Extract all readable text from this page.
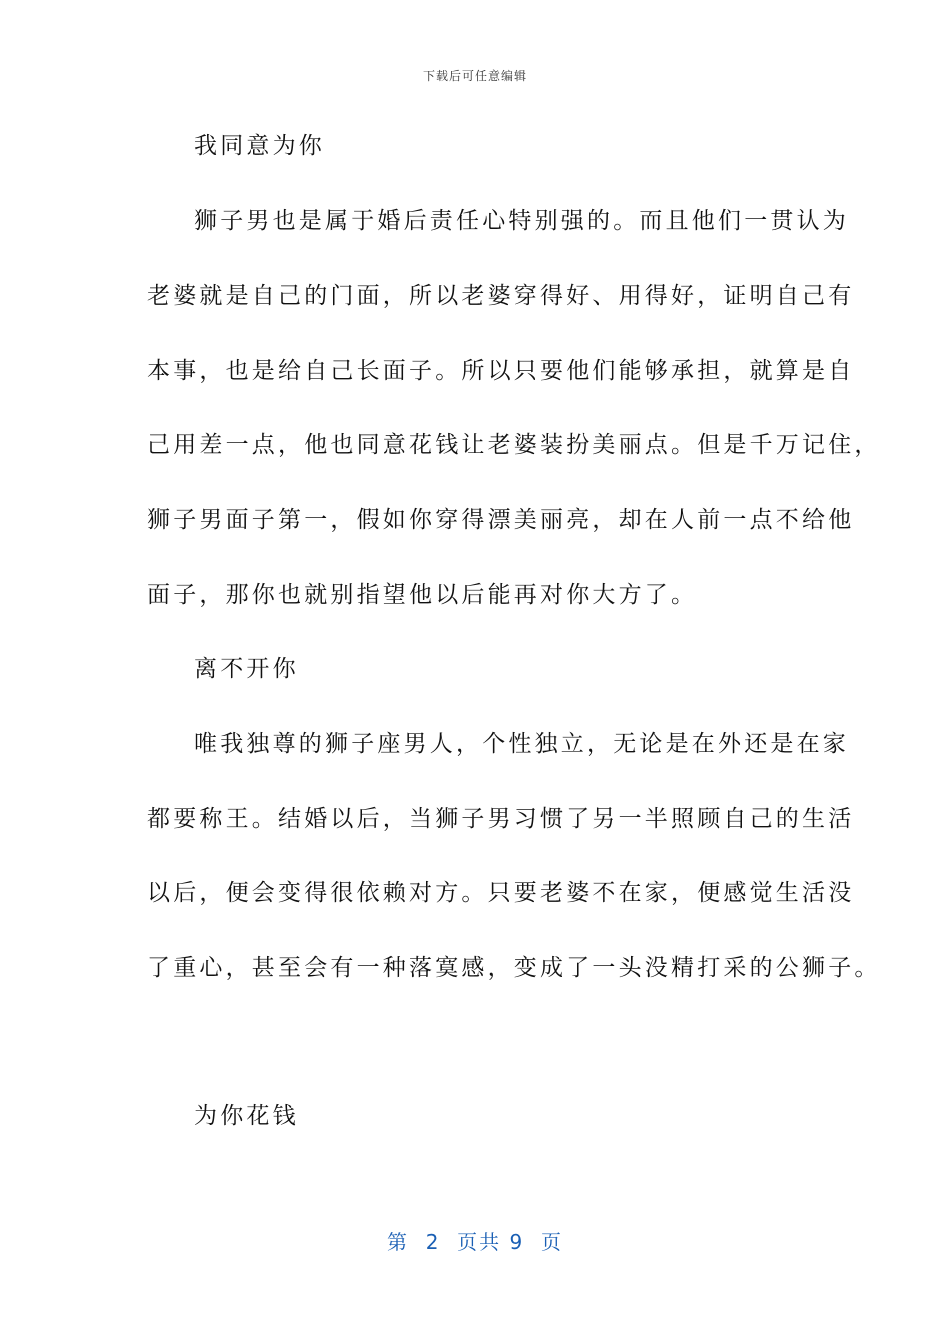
下载后可任意编辑
我同意为你
狮子男也是属于婚后责任心特别强的。而且他们一贯认为
老婆就是自己的门面，所以老婆穿得好、用得好，证明自己有
本事，也是给自己长面子。所以只要他们能够承担，就算是自
己用差一点，他也同意花钱让老婆装扮美丽点。但是千万记住，
狮子男面子第一，假如你穿得漂美丽亮，却在人前一点不给他
面子，那你也就别指望他以后能再对你大方了。
离不开你
唯我独尊的狮子座男人，个性独立，无论是在外还是在家
都要称王。结婚以后，当狮子男习惯了另一半照顾自己的生活
以后，便会变得很依赖对方。只要老婆不在家，便感觉生活没
了重心，甚至会有一种落寞感，变成了一头没精打采的公狮子。
为你花钱
第  2  页共 9  页
